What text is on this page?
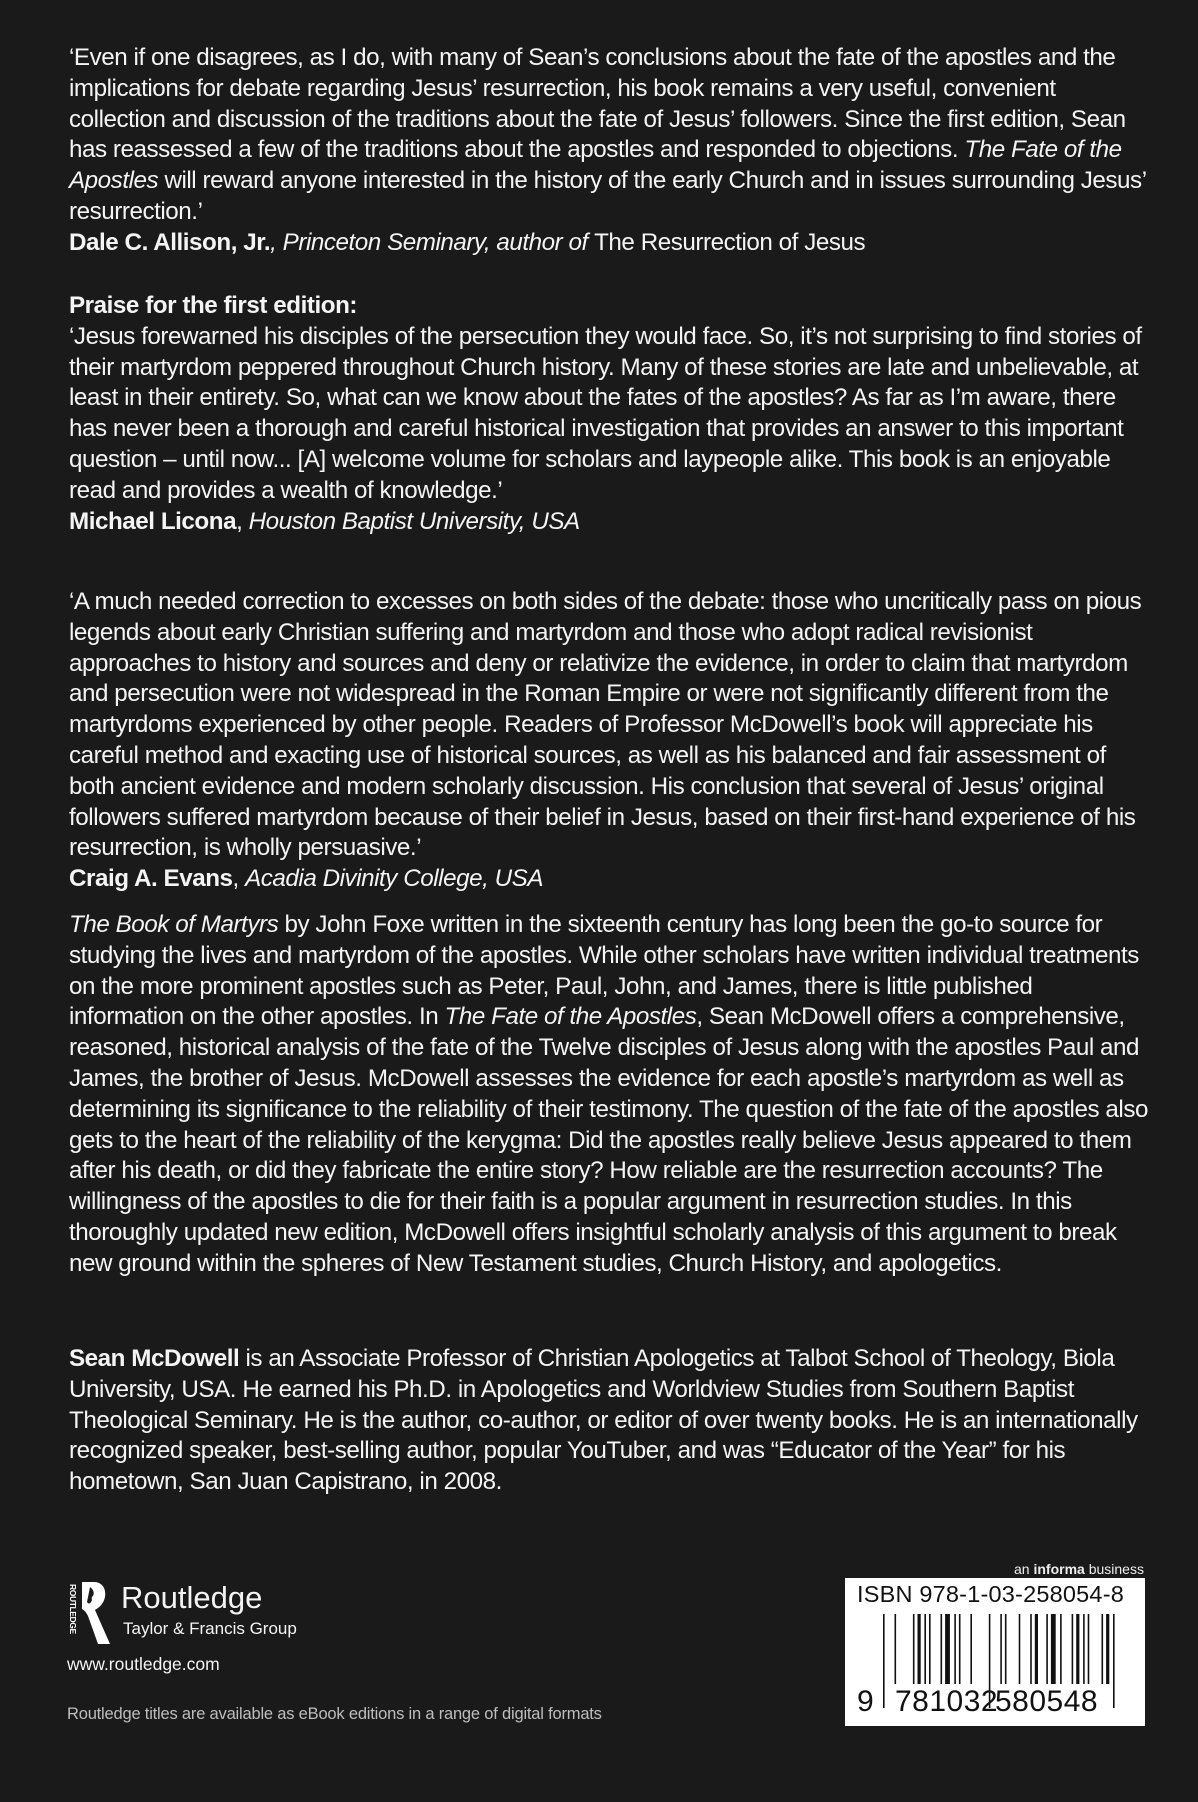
‘Even if one disagrees, as I do, with many of Sean’s conclusions about the fate of the apostles and the implications for debate regarding Jesus’ resurrection, his book remains a very useful, convenient collection and discussion of the traditions about the fate of Jesus’ followers. Since the first edition, Sean has reassessed a few of the traditions about the apostles and responded to objections. The Fate of the Apostles will reward anyone interested in the history of the early Church and in issues surrounding Jesus’ resurrection.’

Dale C. Allison, Jr., Princeton Seminary, author of The Resurrection of Jesus

Praise for the first edition:

‘Jesus forewarned his disciples of the persecution they would face. So, it’s not surprising to find stories of their martyrdom peppered throughout Church history. Many of these stories are late and unbelievable, at least in their entirety. So, what can we know about the fates of the apostles? As far as I’m aware, there has never been a thorough and careful historical investigation that provides an answer to this important question – until now... [A] welcome volume for scholars and laypeople alike. This book is an enjoyable read and provides a wealth of knowledge.’

Michael Licona, Houston Baptist University, USA

‘A much needed correction to excesses on both sides of the debate: those who uncritically pass on pious legends about early Christian suffering and martyrdom and those who adopt radical revisionist approaches to history and sources and deny or relativize the evidence, in order to claim that martyrdom and persecution were not widespread in the Roman Empire or were not significantly different from the martyrdoms experienced by other people. Readers of Professor McDowell’s book will appreciate his careful method and exacting use of historical sources, as well as his balanced and fair assessment of both ancient evidence and modern scholarly discussion. His conclusion that several of Jesus’ original followers suffered martyrdom because of their belief in Jesus, based on their first-hand experience of his resurrection, is wholly persuasive.’

Craig A. Evans, Acadia Divinity College, USA

The Book of Martyrs by John Foxe written in the sixteenth century has long been the go-to source for studying the lives and martyrdom of the apostles. While other scholars have written individual treatments on the more prominent apostles such as Peter, Paul, John, and James, there is little published information on the other apostles. In The Fate of the Apostles, Sean McDowell offers a comprehensive, reasoned, historical analysis of the fate of the Twelve disciples of Jesus along with the apostles Paul and James, the brother of Jesus. McDowell assesses the evidence for each apostle’s martyrdom as well as determining its significance to the reliability of their testimony. The question of the fate of the apostles also gets to the heart of the reliability of the kerygma: Did the apostles really believe Jesus appeared to them after his death, or did they fabricate the entire story? How reliable are the resurrection accounts? The willingness of the apostles to die for their faith is a popular argument in resurrection studies. In this thoroughly updated new edition, McDowell offers insightful scholarly analysis of this argument to break new ground within the spheres of New Testament studies, Church History, and apologetics.

Sean McDowell is an Associate Professor of Christian Apologetics at Talbot School of Theology, Biola University, USA. He earned his Ph.D. in Apologetics and Worldview Studies from Southern Baptist Theological Seminary. He is the author, co-author, or editor of over twenty books. He is an internationally recognized speaker, best-selling author, popular YouTuber, and was “Educator of the Year” for his hometown, San Juan Capistrano, in 2008.

ROUTLEDGE Routledge
Taylor & Francis Group
www.routledge.com
Routledge titles are available as eBook editions in a range of digital formats
an informa business
ISBN 978-1-03-258054-8
9 781032
580548
